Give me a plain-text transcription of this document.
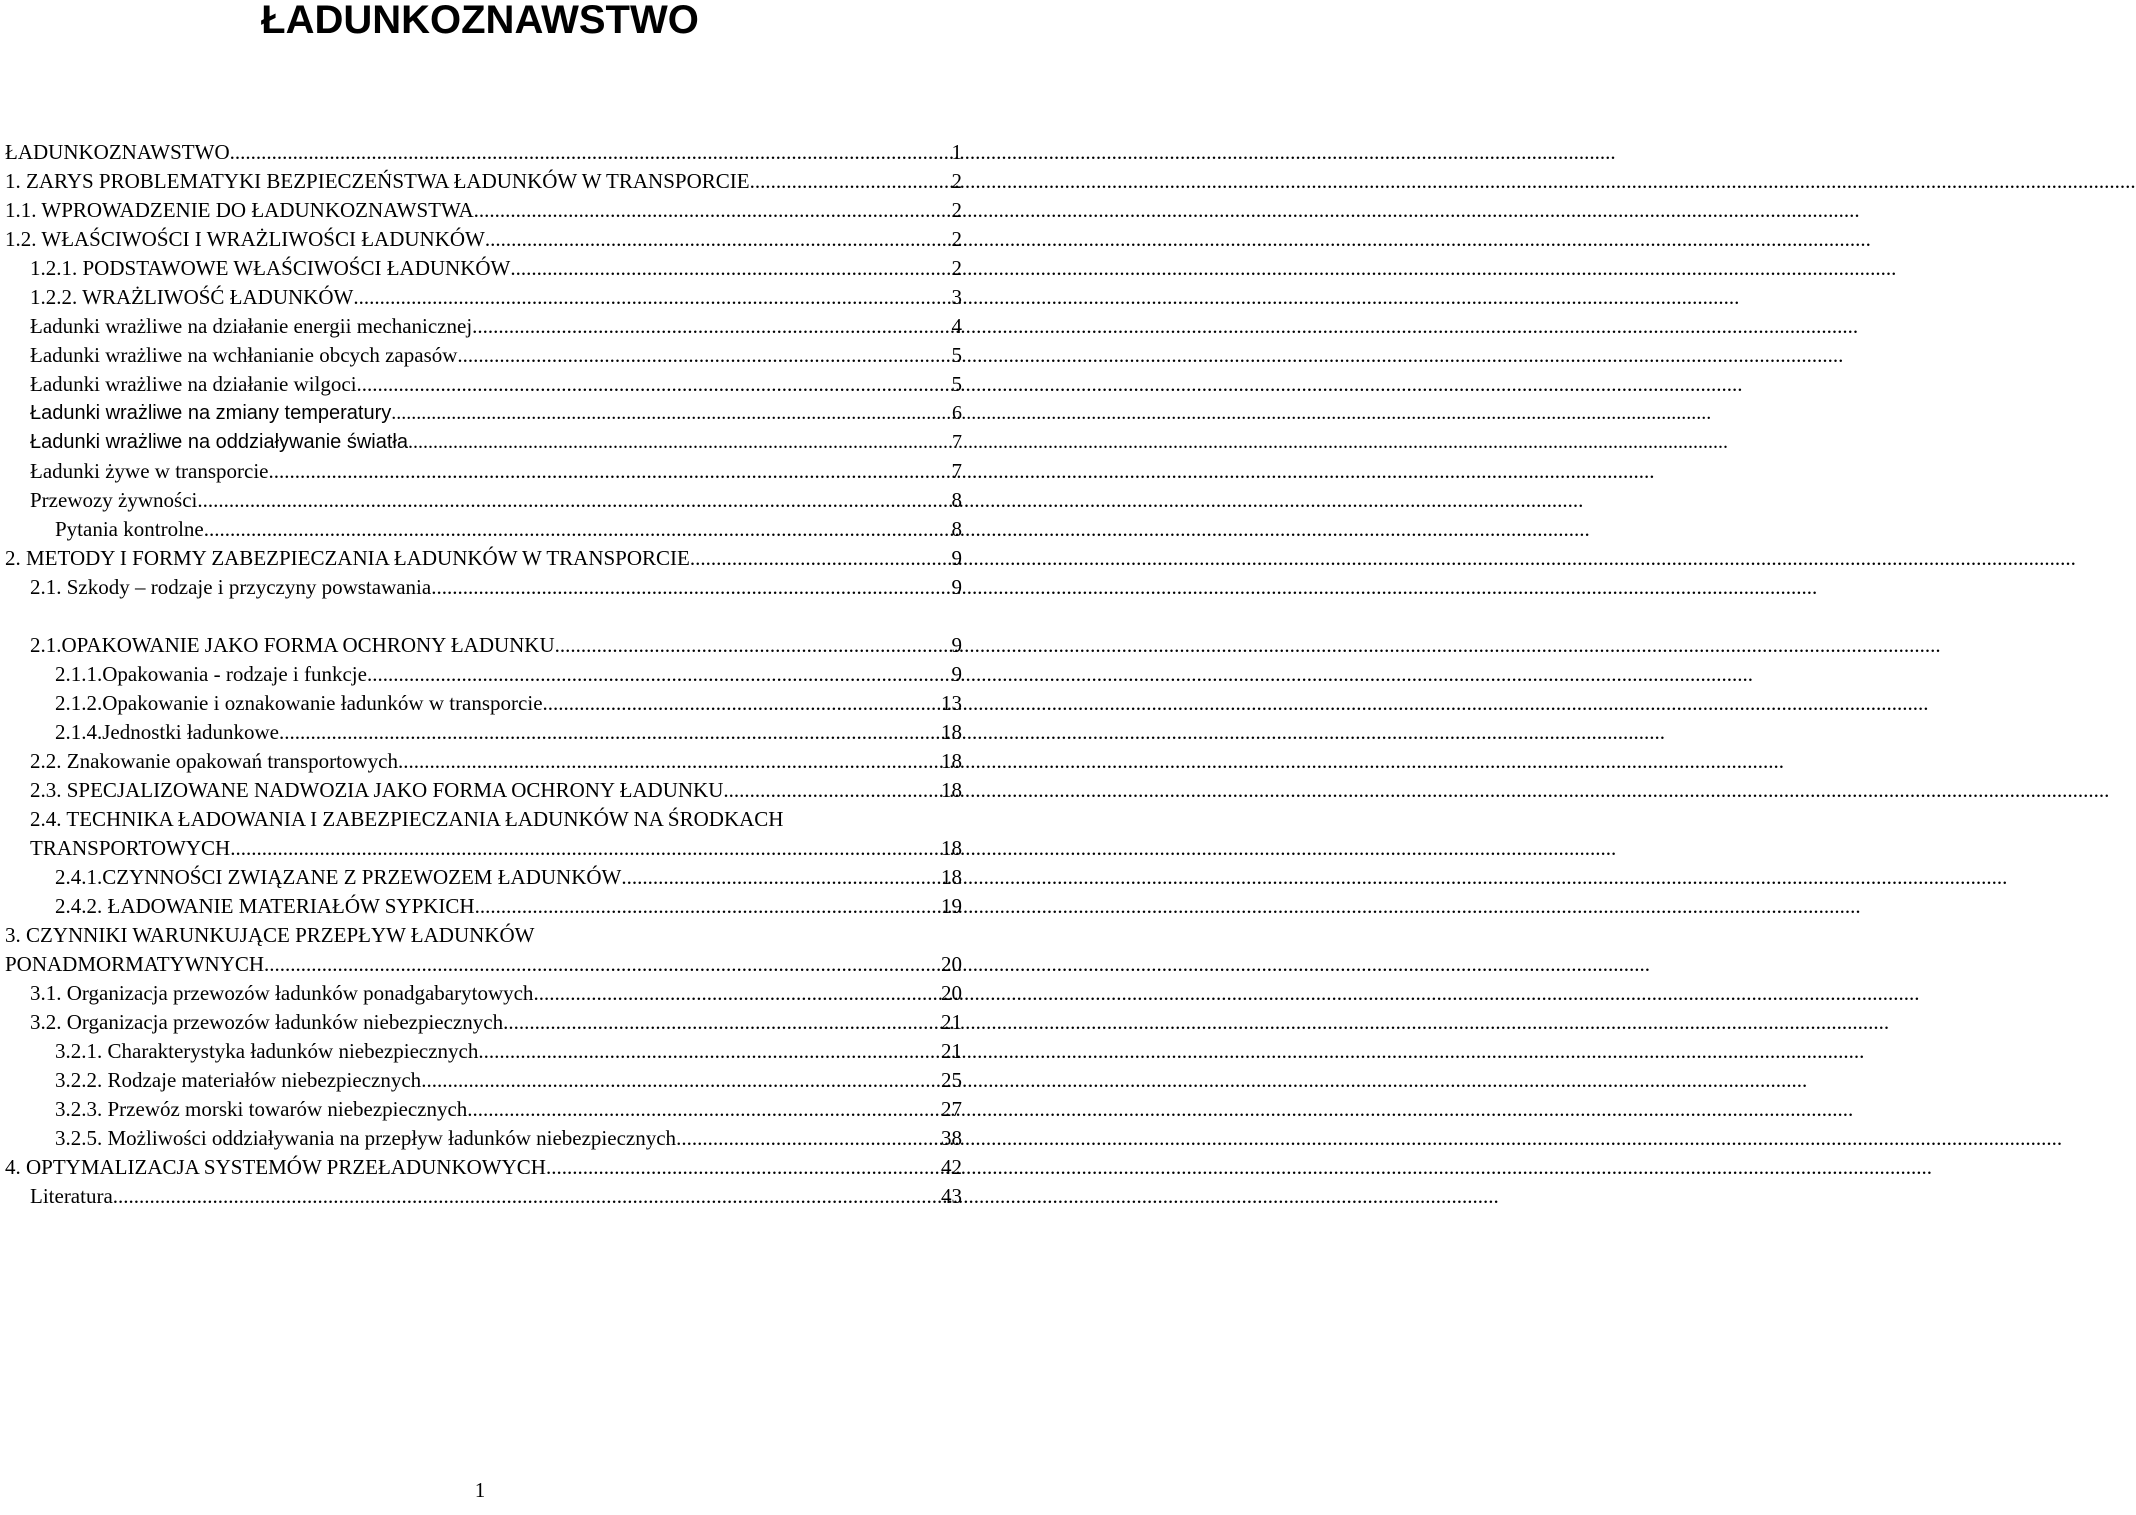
ŁADUNKOZNAWSTWO
ŁADUNKOZNAWSTWO .....	1
1. ZARYS PROBLEMATYKI BEZPIECZEŃSTWA ŁADUNKÓW W TRANSPORCIE .....	2
1.1. WPROWADZENIE DO ŁADUNKOZNAWSTWA .....	2
1.2. WŁAŚCIWOŚCI I WRAŻLIWOŚCI ŁADUNKÓW .....	2
1.2.1. PODSTAWOWE WŁAŚCIWOŚCI ŁADUNKÓW .....	2
1.2.2. WRAŻLIWOŚĆ ŁADUNKÓW .....	3
Ładunki wrażliwe na działanie energii mechanicznej .....	4
Ładunki wrażliwe na wchłanianie obcych zapasów .....	5
Ładunki wrażliwe na działanie wilgoci .....	5
Ładunki wrażliwe na zmiany temperatury .....	6
Ładunki wrażliwe na oddziaływanie światła .....	7
Ładunki żywe w transporcie .....	7
Przewozy żywności .....	8
Pytania kontrolne .....	8
2. METODY I FORMY ZABEZPIECZANIA ŁADUNKÓW W TRANSPORCIE .....	9
2.1. Szkody – rodzaje i przyczyny powstawania .....	9
2.1.OPAKOWANIE JAKO FORMA OCHRONY ŁADUNKU .....	9
2.1.1.Opakowania - rodzaje i funkcje .....	9
2.1.2.Opakowanie i oznakowanie ładunków w transporcie .....	13
2.1.4.Jednostki ładunkowe .....	18
2.2. Znakowanie opakowań transportowych .....	18
2.3. SPECJALIZOWANE NADWOZIA JAKO FORMA OCHRONY ŁADUNKU .....	18
2.4. TECHNIKA ŁADOWANIA I ZABEZPIECZANIA ŁADUNKÓW NA ŚRODKACH
TRANSPORTOWYCH .....	18
2.4.1.CZYNNOŚCI ZWIĄZANE Z PRZEWOZEM ŁADUNKÓW .....	18
2.4.2. ŁADOWANIE MATERIAŁÓW SYPKICH .....	19
3. CZYNNIKI WARUNKUJĄCE PRZEPŁYW ŁADUNKÓW
PONADMORMATYWNYCH .....	20
3.1. Organizacja przewozów ładunków ponadgabarytowych .....	20
3.2. Organizacja przewozów ładunków niebezpiecznych .....	21
3.2.1. Charakterystyka ładunków niebezpiecznych .....	21
3.2.2. Rodzaje materiałów niebezpiecznych .....	25
3.2.3. Przewóz morski towarów niebezpiecznych .....	27
3.2.5. Możliwości oddziaływania na przepływ ładunków niebezpiecznych .....	38
4. OPTYMALIZACJA SYSTEMÓW PRZEŁADUNKOWYCH .....	42
Literatura .....	43
1
